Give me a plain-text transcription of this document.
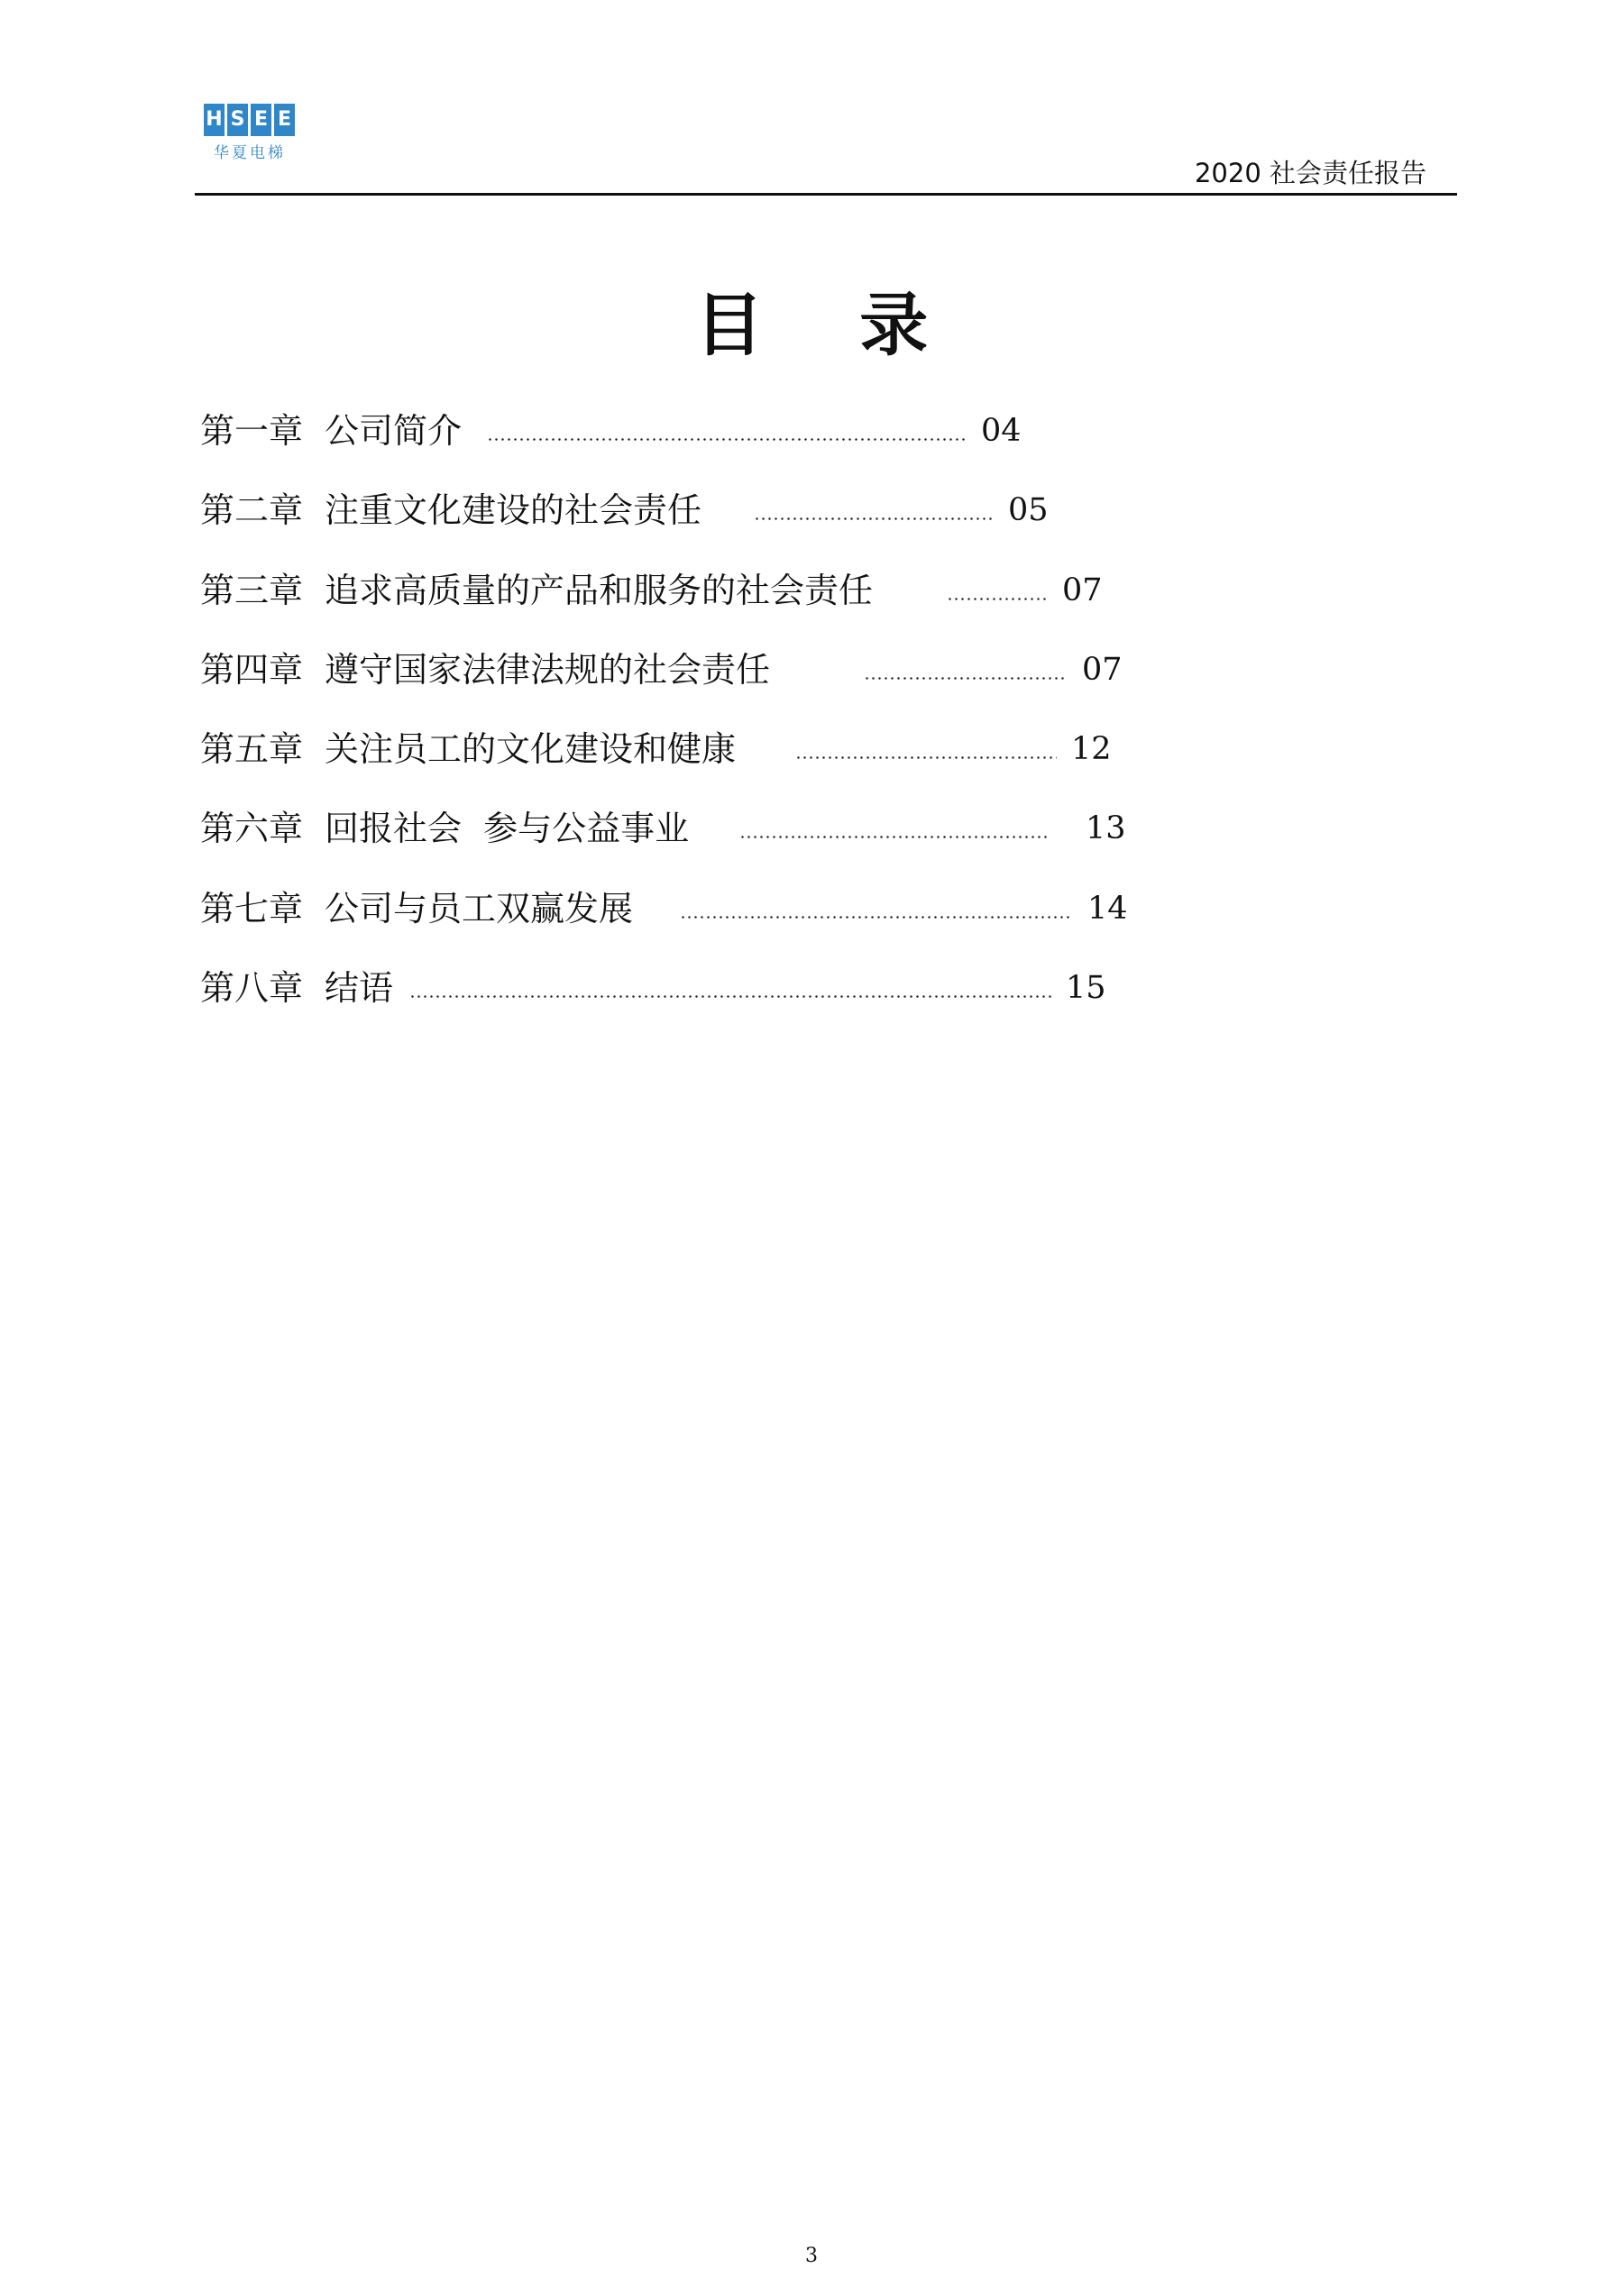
H S E E
华夏电梯
2020 社会责任报告
目 录
第一章 公司简介	04
第二章 注重文化建设的社会责任	05
第三章 追求高质量的产品和服务的社会责任	07
第四章 遵守国家法律法规的社会责任	07
第五章 关注员工的文化建设和健康	12
第六章 回报社会  参与公益事业	13
第七章 公司与员工双赢发展	14
第八章 结语	15
3
